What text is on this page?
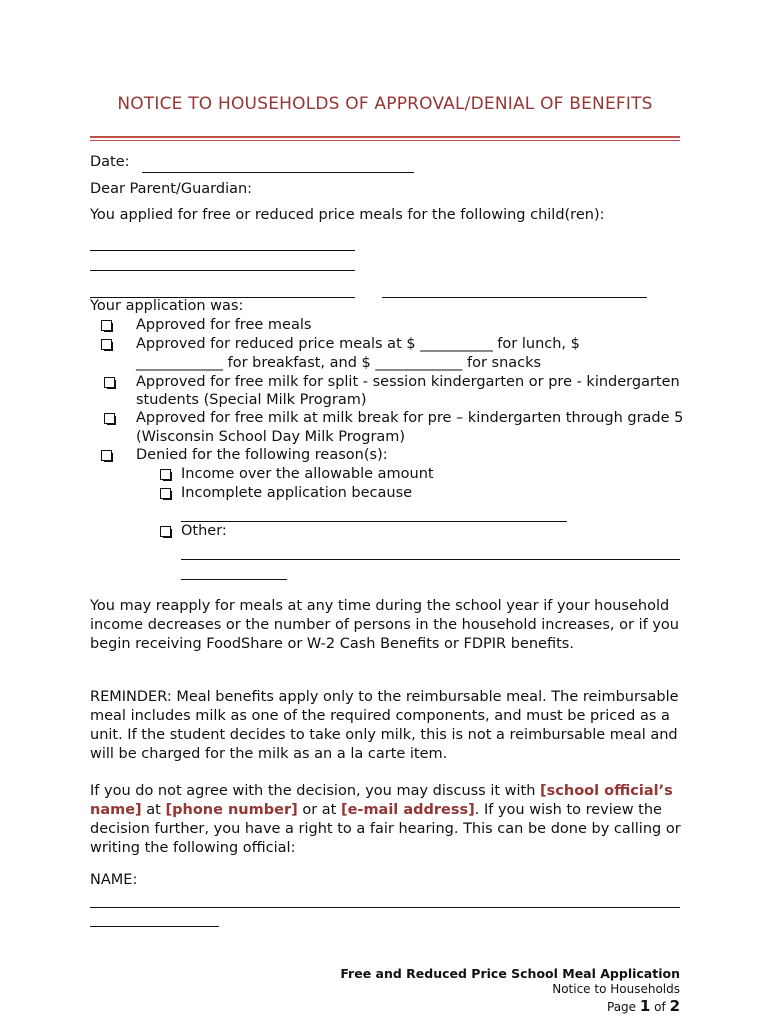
NOTICE TO HOUSEHOLDS OF APPROVAL/DENIAL OF BENEFITS
Date:
Dear Parent/Guardian:
You applied for free or reduced price meals for the following child(ren):
Your application was:
Approved for free meals
Approved for reduced price meals at $ __________ for lunch, $
____________ for breakfast, and $ ____________ for snacks
Approved for free milk for split - session kindergarten or pre - kindergarten
students (Special Milk Program)
Approved for free milk at milk break for pre – kindergarten through grade 5
(Wisconsin School Day Milk Program)
Denied for the following reason(s):
Income over the allowable amount
Incomplete application because
Other:
You may reapply for meals at any time during the school year if your household income decreases or the number of persons in the household increases, or if you begin receiving FoodShare or W-2 Cash Benefits or FDPIR benefits.
REMINDER: Meal benefits apply only to the reimbursable meal. The reimbursable meal includes milk as one of the required components, and must be priced as a unit. If the student decides to take only milk, this is not a reimbursable meal and will be charged for the milk as an a la carte item.
If you do not agree with the decision, you may discuss it with [school official’s name] at [phone number] or at [e-mail address]. If you wish to review the decision further, you have a right to a fair hearing. This can be done by calling or writing the following official:
NAME:
Free and Reduced Price School Meal Application
Notice to Households
Page 1 of 2
